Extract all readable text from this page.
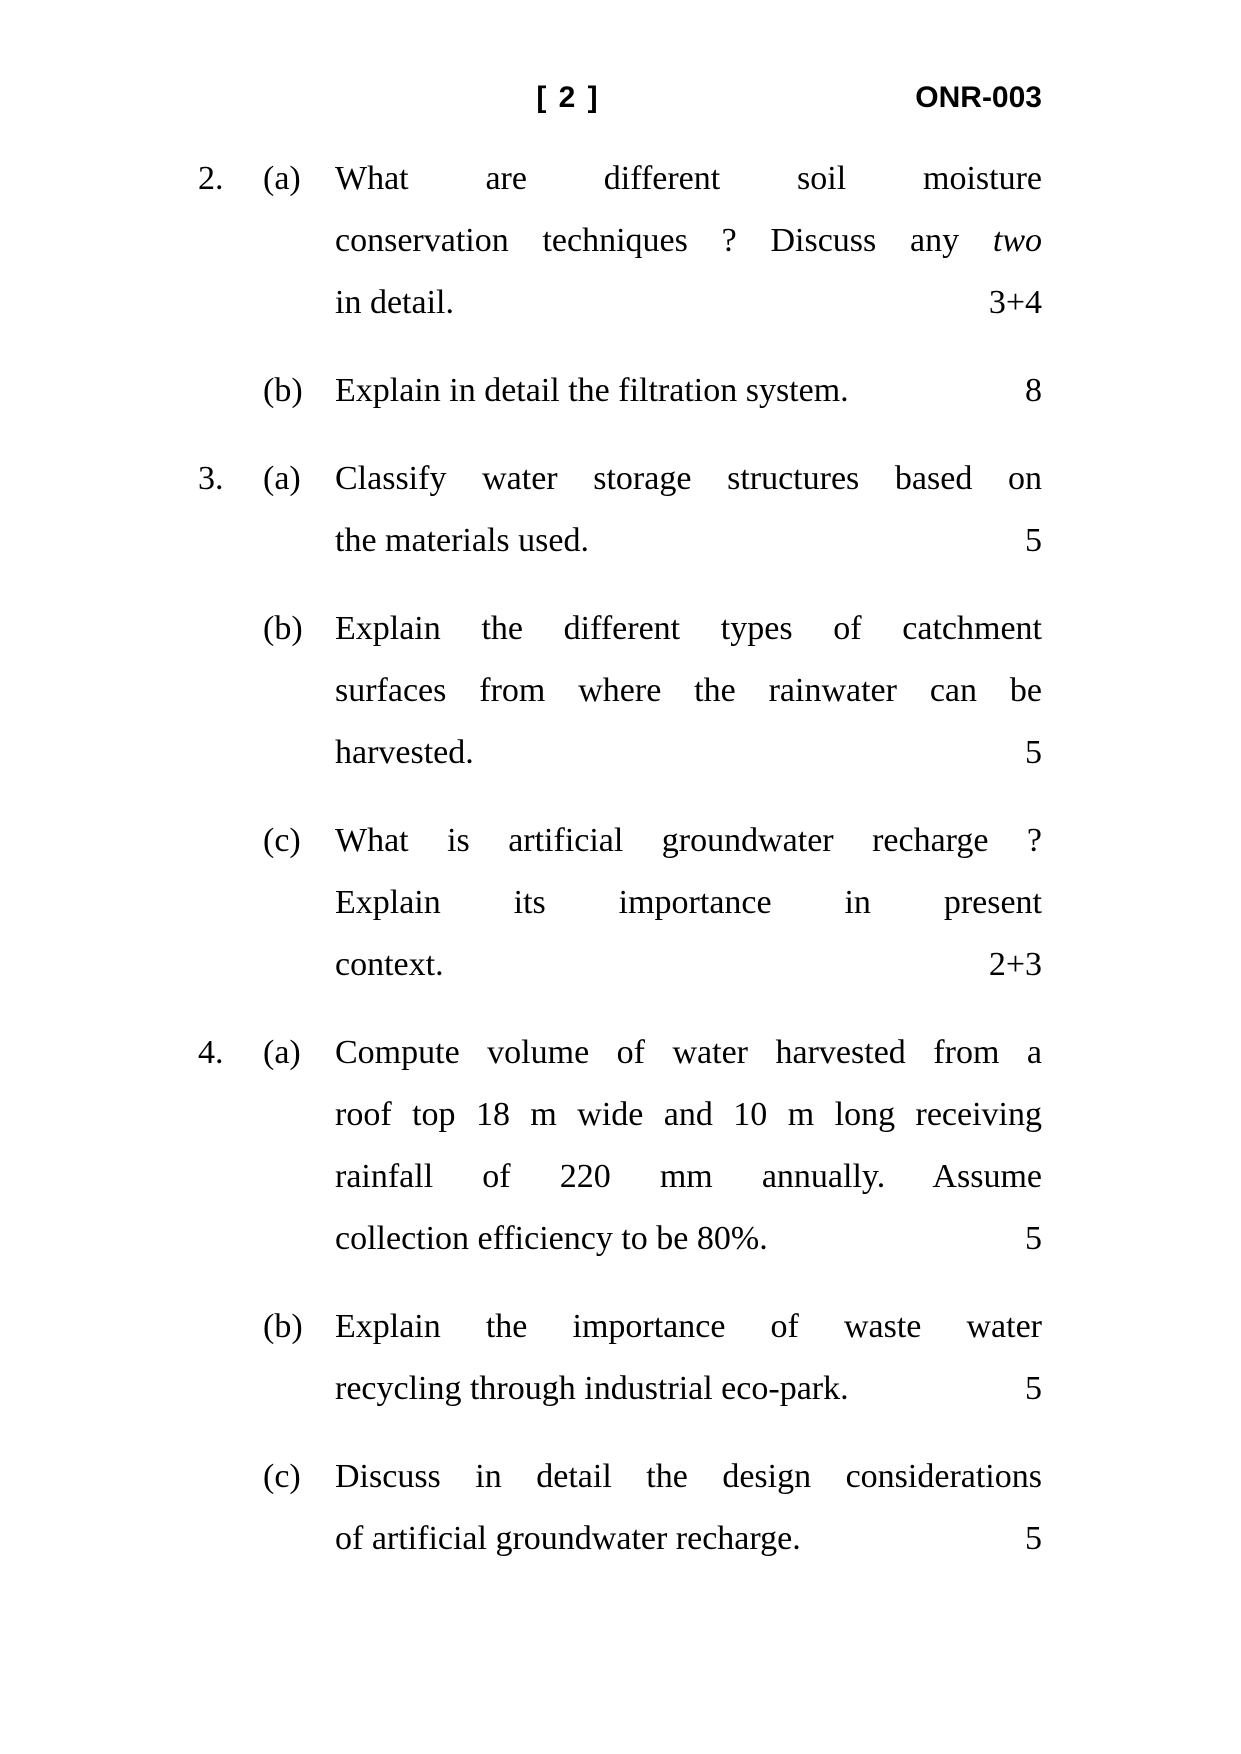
[ 2 ]	ONR-003
2.	(a)	What are different soil moisture
conservation techniques ? Discuss any two
in detail.	3+4
(b) Explain in detail the filtration system.	8
3.	(a)	Classify water storage structures based on
the materials used.	5
(b) Explain the different types of catchment
surfaces from where the rainwater can be
harvested.	5
(c)	What is artificial groundwater recharge ?
Explain its importance in present
context.	2+3
4.	(a)	Compute volume of water harvested from a
roof top 18 m wide and 10 m long receiving
rainfall of 220 mm annually. Assume
collection efficiency to be 80%.	5
(b) Explain the importance of waste water
recycling through industrial eco-park.	5
(c)	Discuss in detail the design considerations
of artificial groundwater recharge.	5
